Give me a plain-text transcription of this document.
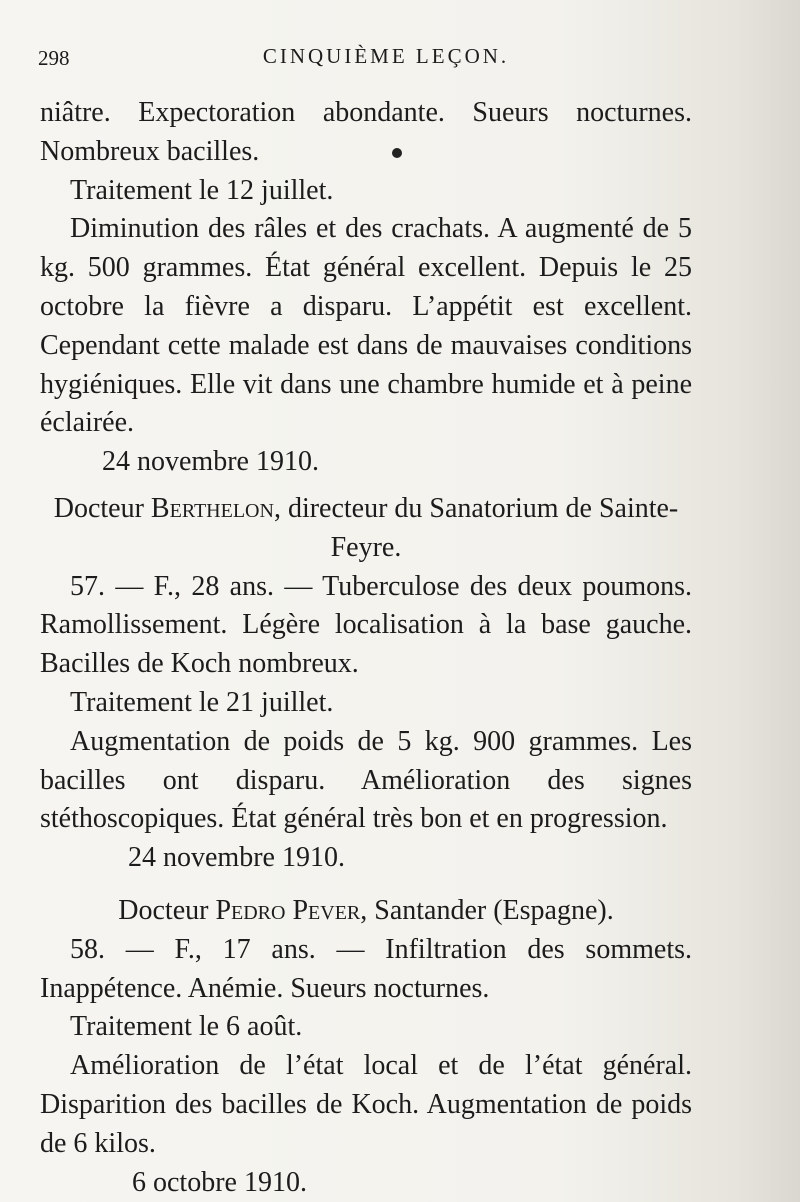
298	CINQUIÈME LEÇON.

niâtre. Expectoration abondante. Sueurs nocturnes. Nombreux bacilles.

Traitement le 12 juillet.

Diminution des râles et des crachats. A augmenté de 5 kg. 500 grammes. État général excellent. Depuis le 25 octobre la fièvre a disparu. L’appétit est excellent. Cependant cette malade est dans de mauvaises conditions hygiéniques. Elle vit dans une chambre humide et à peine éclairée.

24 novembre 1910.

Docteur Berthelon, directeur du Sanatorium de Sainte-Feyre.

57. — F., 28 ans. — Tuberculose des deux poumons. Ramollissement. Légère localisation à la base gauche. Bacilles de Koch nombreux.

Traitement le 21 juillet.

Augmentation de poids de 5 kg. 900 grammes. Les bacilles ont disparu. Amélioration des signes stéthoscopiques. État général très bon et en progression.

24 novembre 1910.

Docteur Pedro Pever, Santander (Espagne).

58. — F., 17 ans. — Infiltration des sommets. Inappétence. Anémie. Sueurs nocturnes.

Traitement le 6 août.

Amélioration de l’état local et de l’état général. Disparition des bacilles de Koch. Augmentation de poids de 6 kilos.

6 octobre 1910.
